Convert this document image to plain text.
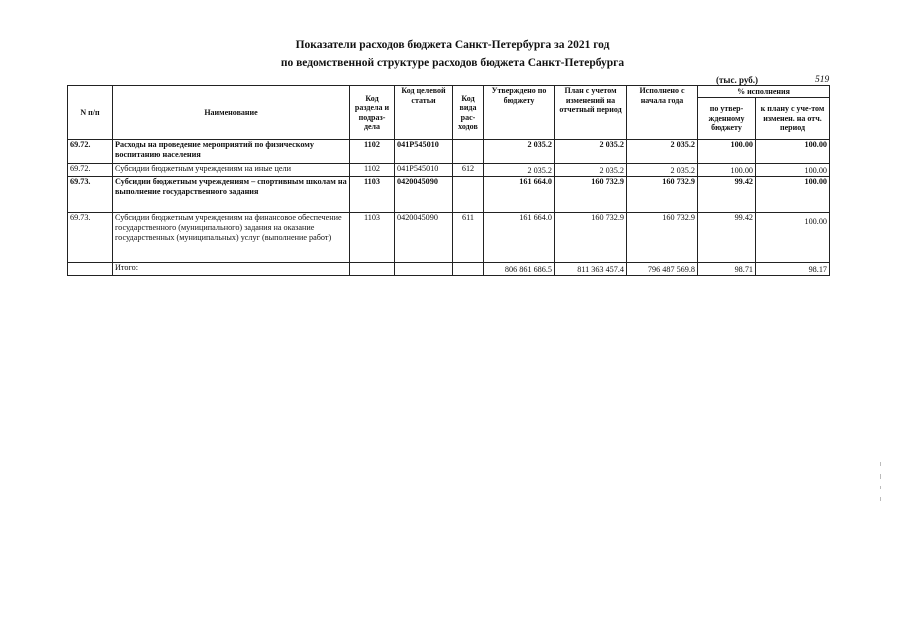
Показатели расходов бюджета Санкт-Петербурга за 2021 год
по ведомственной структуре расходов бюджета Санкт-Петербурга
(тыс. руб.)	519
N п/п	Наименование	Код раздела и подраз-дела	Код целевой статьи	Код вида рас-ходов	Утверждено по бюджету	План с учетом изменений на отчетный период	Исполнено с начала года	% исполнения	
								по утвер-жденному бюджету	к плану с уче-том изменен. на отч. период
69.72.	Расходы на проведение мероприятий по физическому воспитанию населения	1102	041P545010		2 035.2	2 035.2	2 035.2	100.00	100.00
69.72.	Субсидии бюджетным учреждениям на иные цели	1102	041P545010	612	2 035.2	2 035.2	2 035.2	100.00	100.00
69.73.	Субсидии бюджетным учреждениям – спортивным школам на выполнение государственного задания	1103	0420045090		161 664.0	160 732.9	160 732.9	99.42	100.00
69.73.	Субсидии бюджетным учреждениям на финансовое обеспечение государственного (муниципального) задания на оказание государственных (муниципальных) услуг (выполнение работ)	1103	0420045090	611	161 664.0	160 732.9	160 732.9	99.42	100.00
	Итого:				806 861 686.5	811 363 457.4	796 487 569.8	98.71	98.17
